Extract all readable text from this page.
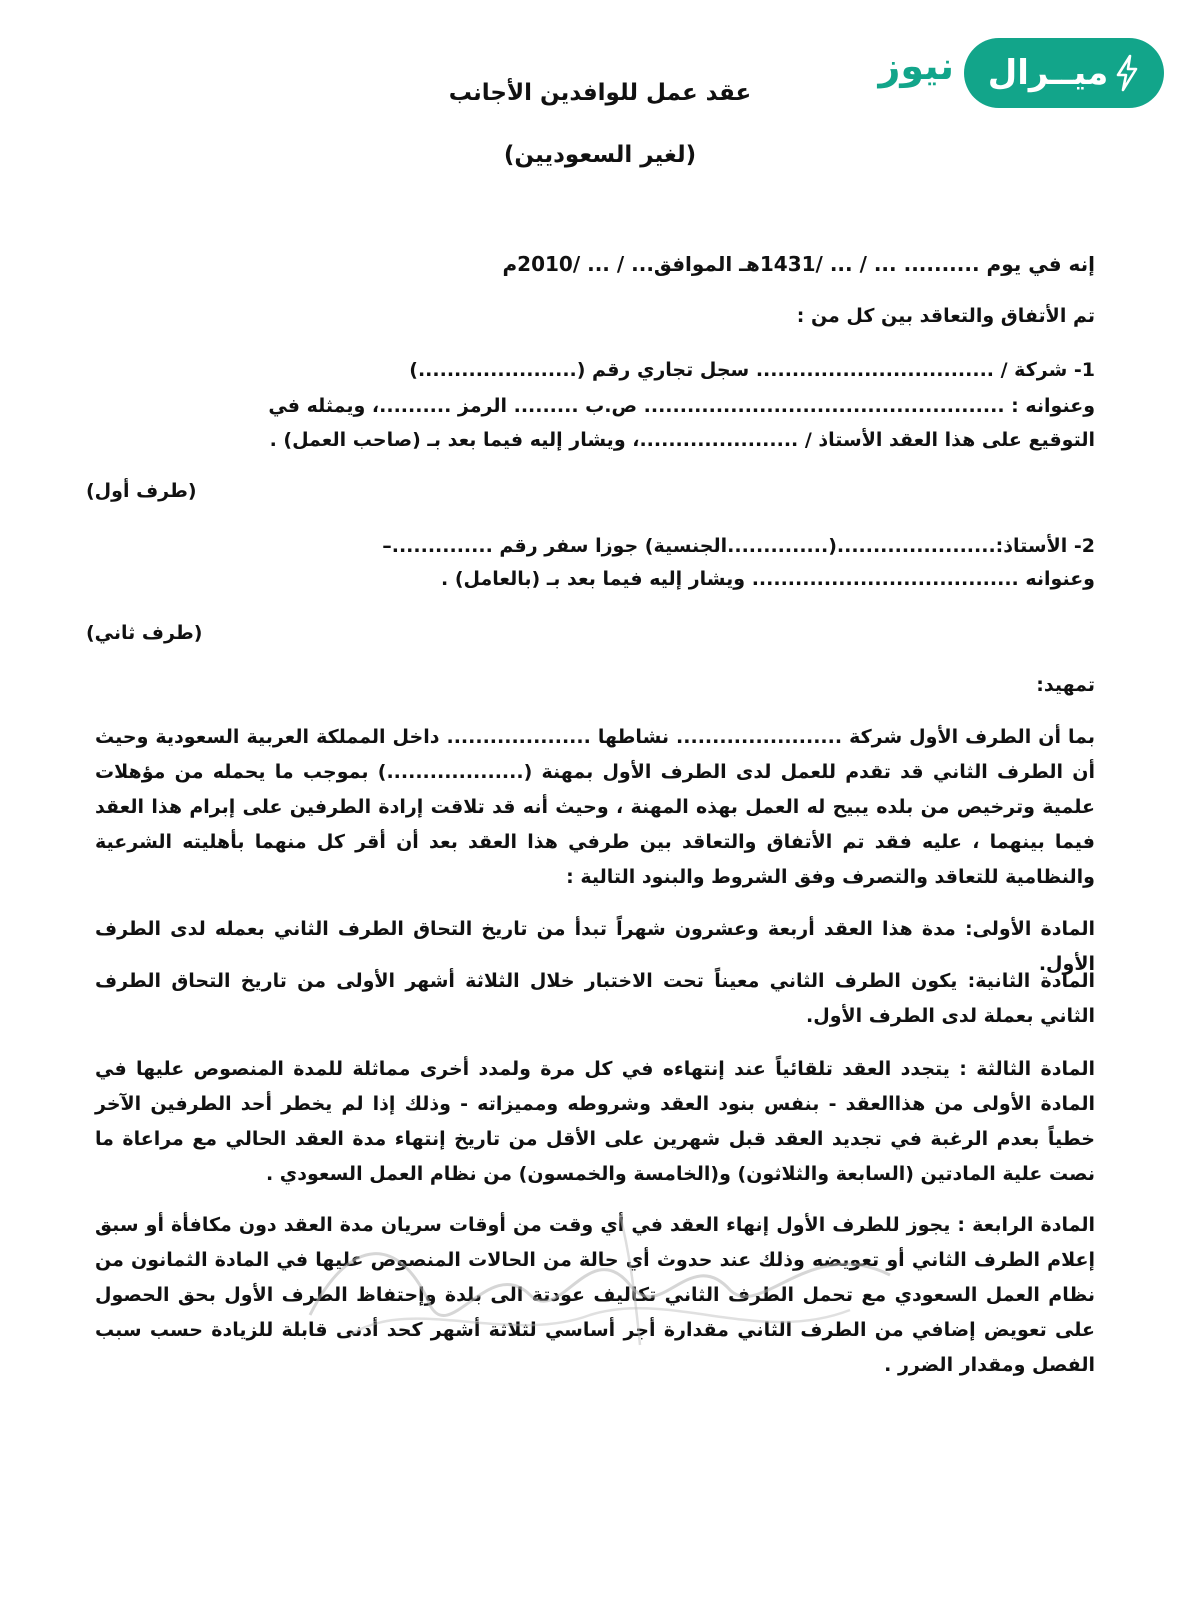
ميــرال
نيوز
عقد عمل للوافدين الأجانب
(لغير السعوديين)
إنه في يوم .......... ... / ... /1431هـ الموافق... / ... /2010م
تم الأتفاق والتعاقد بين كل من :
1- شركة / ................................. سجل تجاري رقم (......................)
وعنوانه : .................................................. ص.ب ......... الرمز ..........، ويمثله في
التوقيع على هذا العقد الأستاذ / ......................، ويشار إليه فيما بعد بـ (صاحب العمل) .
(طرف أول)
2- الأستاذ:......................(..............الجنسية) جوزا سفر رقم ..............–
وعنوانه ..................................... ويشار إليه فيما بعد بـ (بالعامل) .
(طرف ثاني)
تمهيد:
بما أن الطرف الأول شركة ....................... نشاطها .................... داخل المملكة العربية السعودية وحيث أن الطرف الثاني قد تقدم للعمل لدى الطرف الأول بمهنة (...................) بموجب ما يحمله من مؤهلات علمية وترخيص من بلده يبيح له العمل بهذه المهنة ، وحيث أنه قد تلاقت إرادة الطرفين على إبرام هذا العقد فيما بينهما ، عليه فقد تم الأتفاق والتعاقد بين طرفي هذا العقد بعد أن أقر كل منهما بأهليته الشرعية والنظامية للتعاقد والتصرف وفق الشروط والبنود التالية :
المادة الأولى: مدة هذا العقد أربعة وعشرون شهراً تبدأ من تاريخ التحاق الطرف الثاني بعمله لدى الطرف الأول.
المادة الثانية: يكون الطرف الثاني معيناً تحت الاختبار خلال الثلاثة أشهر الأولى من تاريخ التحاق الطرف الثاني بعملة لدى الطرف الأول.
المادة الثالثة : يتجدد العقد تلقائياً عند إنتهاءه في كل مرة ولمدد أخرى مماثلة للمدة المنصوص عليها في المادة الأولى من هذاالعقد - بنفس بنود العقد وشروطه ومميزاته - وذلك إذا لم يخطر أحد الطرفين الآخر خطياً بعدم الرغبة في تجديد العقد قبل شهرين على الأقل من تاريخ إنتهاء مدة العقد الحالي مع مراعاة ما نصت علية المادتين (السابعة والثلاثون) و(الخامسة والخمسون) من نظام العمل السعودي .
المادة الرابعة : يجوز للطرف الأول إنهاء العقد في أي وقت من أوقات سريان مدة العقد دون مكافأة أو سبق إعلام الطرف الثاني أو تعويضه وذلك عند حدوث أي حالة من الحالات المنصوص عليها في المادة الثمانون من نظام العمل السعودي مع تحمل الطرف الثاني تكاليف عودتة الى بلدة وإحتفاظ الطرف الأول بحق الحصول على تعويض إضافي من الطرف الثاني مقدارة أجر أساسي لثلاثة أشهر كحد أدنى قابلة للزيادة حسب سبب الفصل ومقدار الضرر .
